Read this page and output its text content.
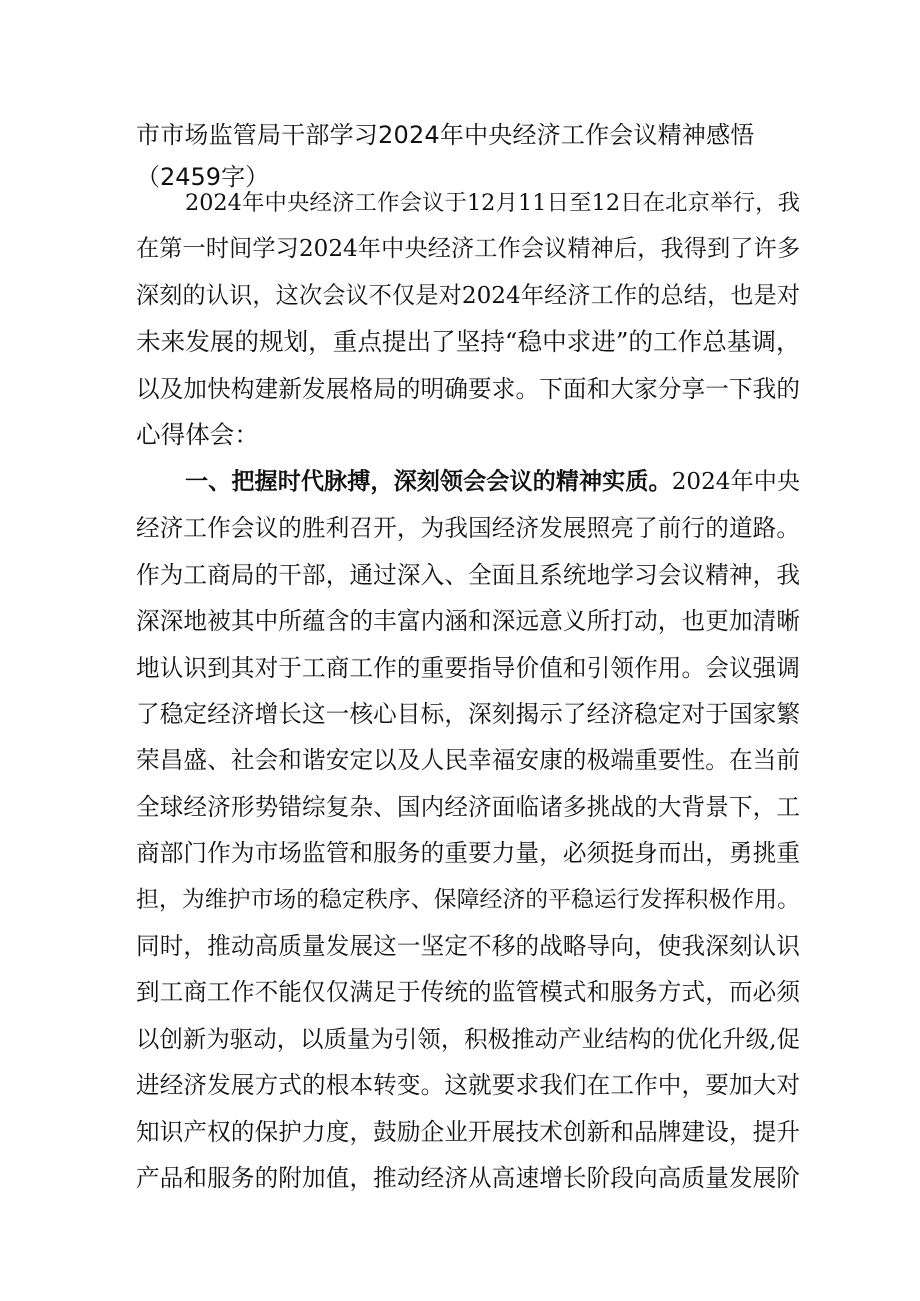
市市场监管局干部学习2024年中央经济工作会议精神感悟
（2459字）
2024年中央经济工作会议于12月11日至12日在北京举行，我
在第一时间学习2024年中央经济工作会议精神后，我得到了许多
深刻的认识，这次会议不仅是对2024年经济工作的总结，也是对
未来发展的规划，重点提出了坚持“稳中求进”的工作总基调，
以及加快构建新发展格局的明确要求。下面和大家分享一下我的
心得体会：
一、把握时代脉搏，深刻领会会议的精神实质。2024年中央
经济工作会议的胜利召开，为我国经济发展照亮了前行的道路。
作为工商局的干部，通过深入、全面且系统地学习会议精神，我
深深地被其中所蕴含的丰富内涵和深远意义所打动，也更加清晰
地认识到其对于工商工作的重要指导价值和引领作用。会议强调
了稳定经济增长这一核心目标，深刻揭示了经济稳定对于国家繁
荣昌盛、社会和谐安定以及人民幸福安康的极端重要性。在当前
全球经济形势错综复杂、国内经济面临诸多挑战的大背景下，工
商部门作为市场监管和服务的重要力量，必须挺身而出，勇挑重
担，为维护市场的稳定秩序、保障经济的平稳运行发挥积极作用。
同时，推动高质量发展这一坚定不移的战略导向，使我深刻认识
到工商工作不能仅仅满足于传统的监管模式和服务方式，而必须
以创新为驱动，以质量为引领，积极推动产业结构的优化升级,促
进经济发展方式的根本转变。这就要求我们在工作中，要加大对
知识产权的保护力度，鼓励企业开展技术创新和品牌建设，提升
产品和服务的附加值，推动经济从高速增长阶段向高质量发展阶
